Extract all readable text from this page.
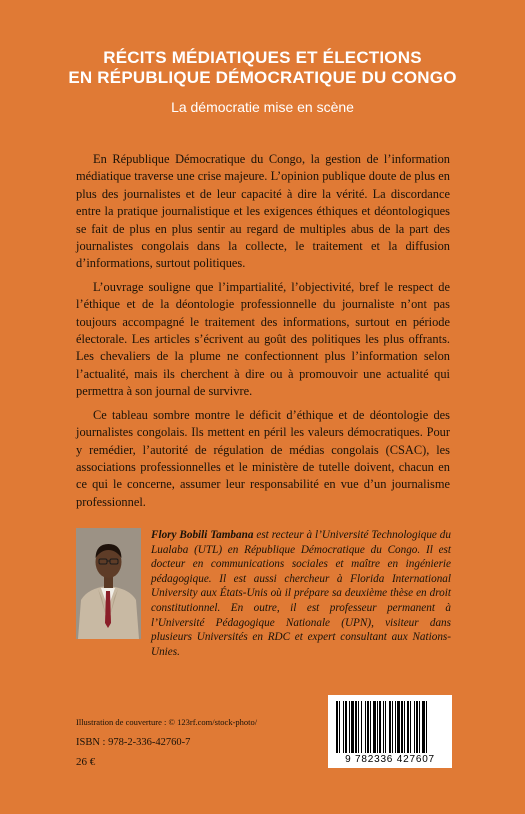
RÉCITS MÉDIATIQUES ET ÉLECTIONS
EN RÉPUBLIQUE DÉMOCRATIQUE DU CONGO
La démocratie mise en scène

En République Démocratique du Congo, la gestion de l’information médiatique traverse une crise majeure. L’opinion publique doute de plus en plus des journalistes et de leur capacité à dire la vérité. La discordance entre la pratique journalistique et les exigences éthiques et déontologiques se fait de plus en plus sentir au regard de multiples abus de la part des journalistes congolais dans la collecte, le traitement et la diffusion d’informations, surtout politiques.

L’ouvrage souligne que l’impartialité, l’objectivité, bref le respect de l’éthique et de la déontologie professionnelle du journaliste n’ont pas toujours accompagné le traitement des informations, surtout en période électorale. Les articles s’écrivent au goût des politiques les plus offrants. Les chevaliers de la plume ne confectionnent plus l’information selon l’actualité, mais ils cherchent à dire ou à promouvoir une actualité qui permettra à son journal de survivre.

Ce tableau sombre montre le déficit d’éthique et de déontologie des journalistes congolais. Ils mettent en péril les valeurs démocratiques. Pour y remédier, l’autorité de régulation de médias congolais (CSAC), les associations professionnelles et le ministère de tutelle doivent, chacun en ce qui le concerne, assumer leur responsabilité en vue d’un journalisme professionnel.

Flory Bobili Tambana est recteur à l’Université Technologique du Lualaba (UTL) en République Démocratique du Congo. Il est docteur en communications sociales et maître en ingénierie pédagogique. Il est aussi chercheur à Florida International University aux États-Unis où il prépare sa deuxième thèse en droit constitutionnel. En outre, il est professeur permanent à l’Université Pédagogique Nationale (UPN), visiteur dans plusieurs Universités en RDC et expert consultant aux Nations-Unies.
Illustration de couverture : © 123rf.com/stock-photo/
ISBN : 978-2-336-42760-7
26 €	9 782336 427607
